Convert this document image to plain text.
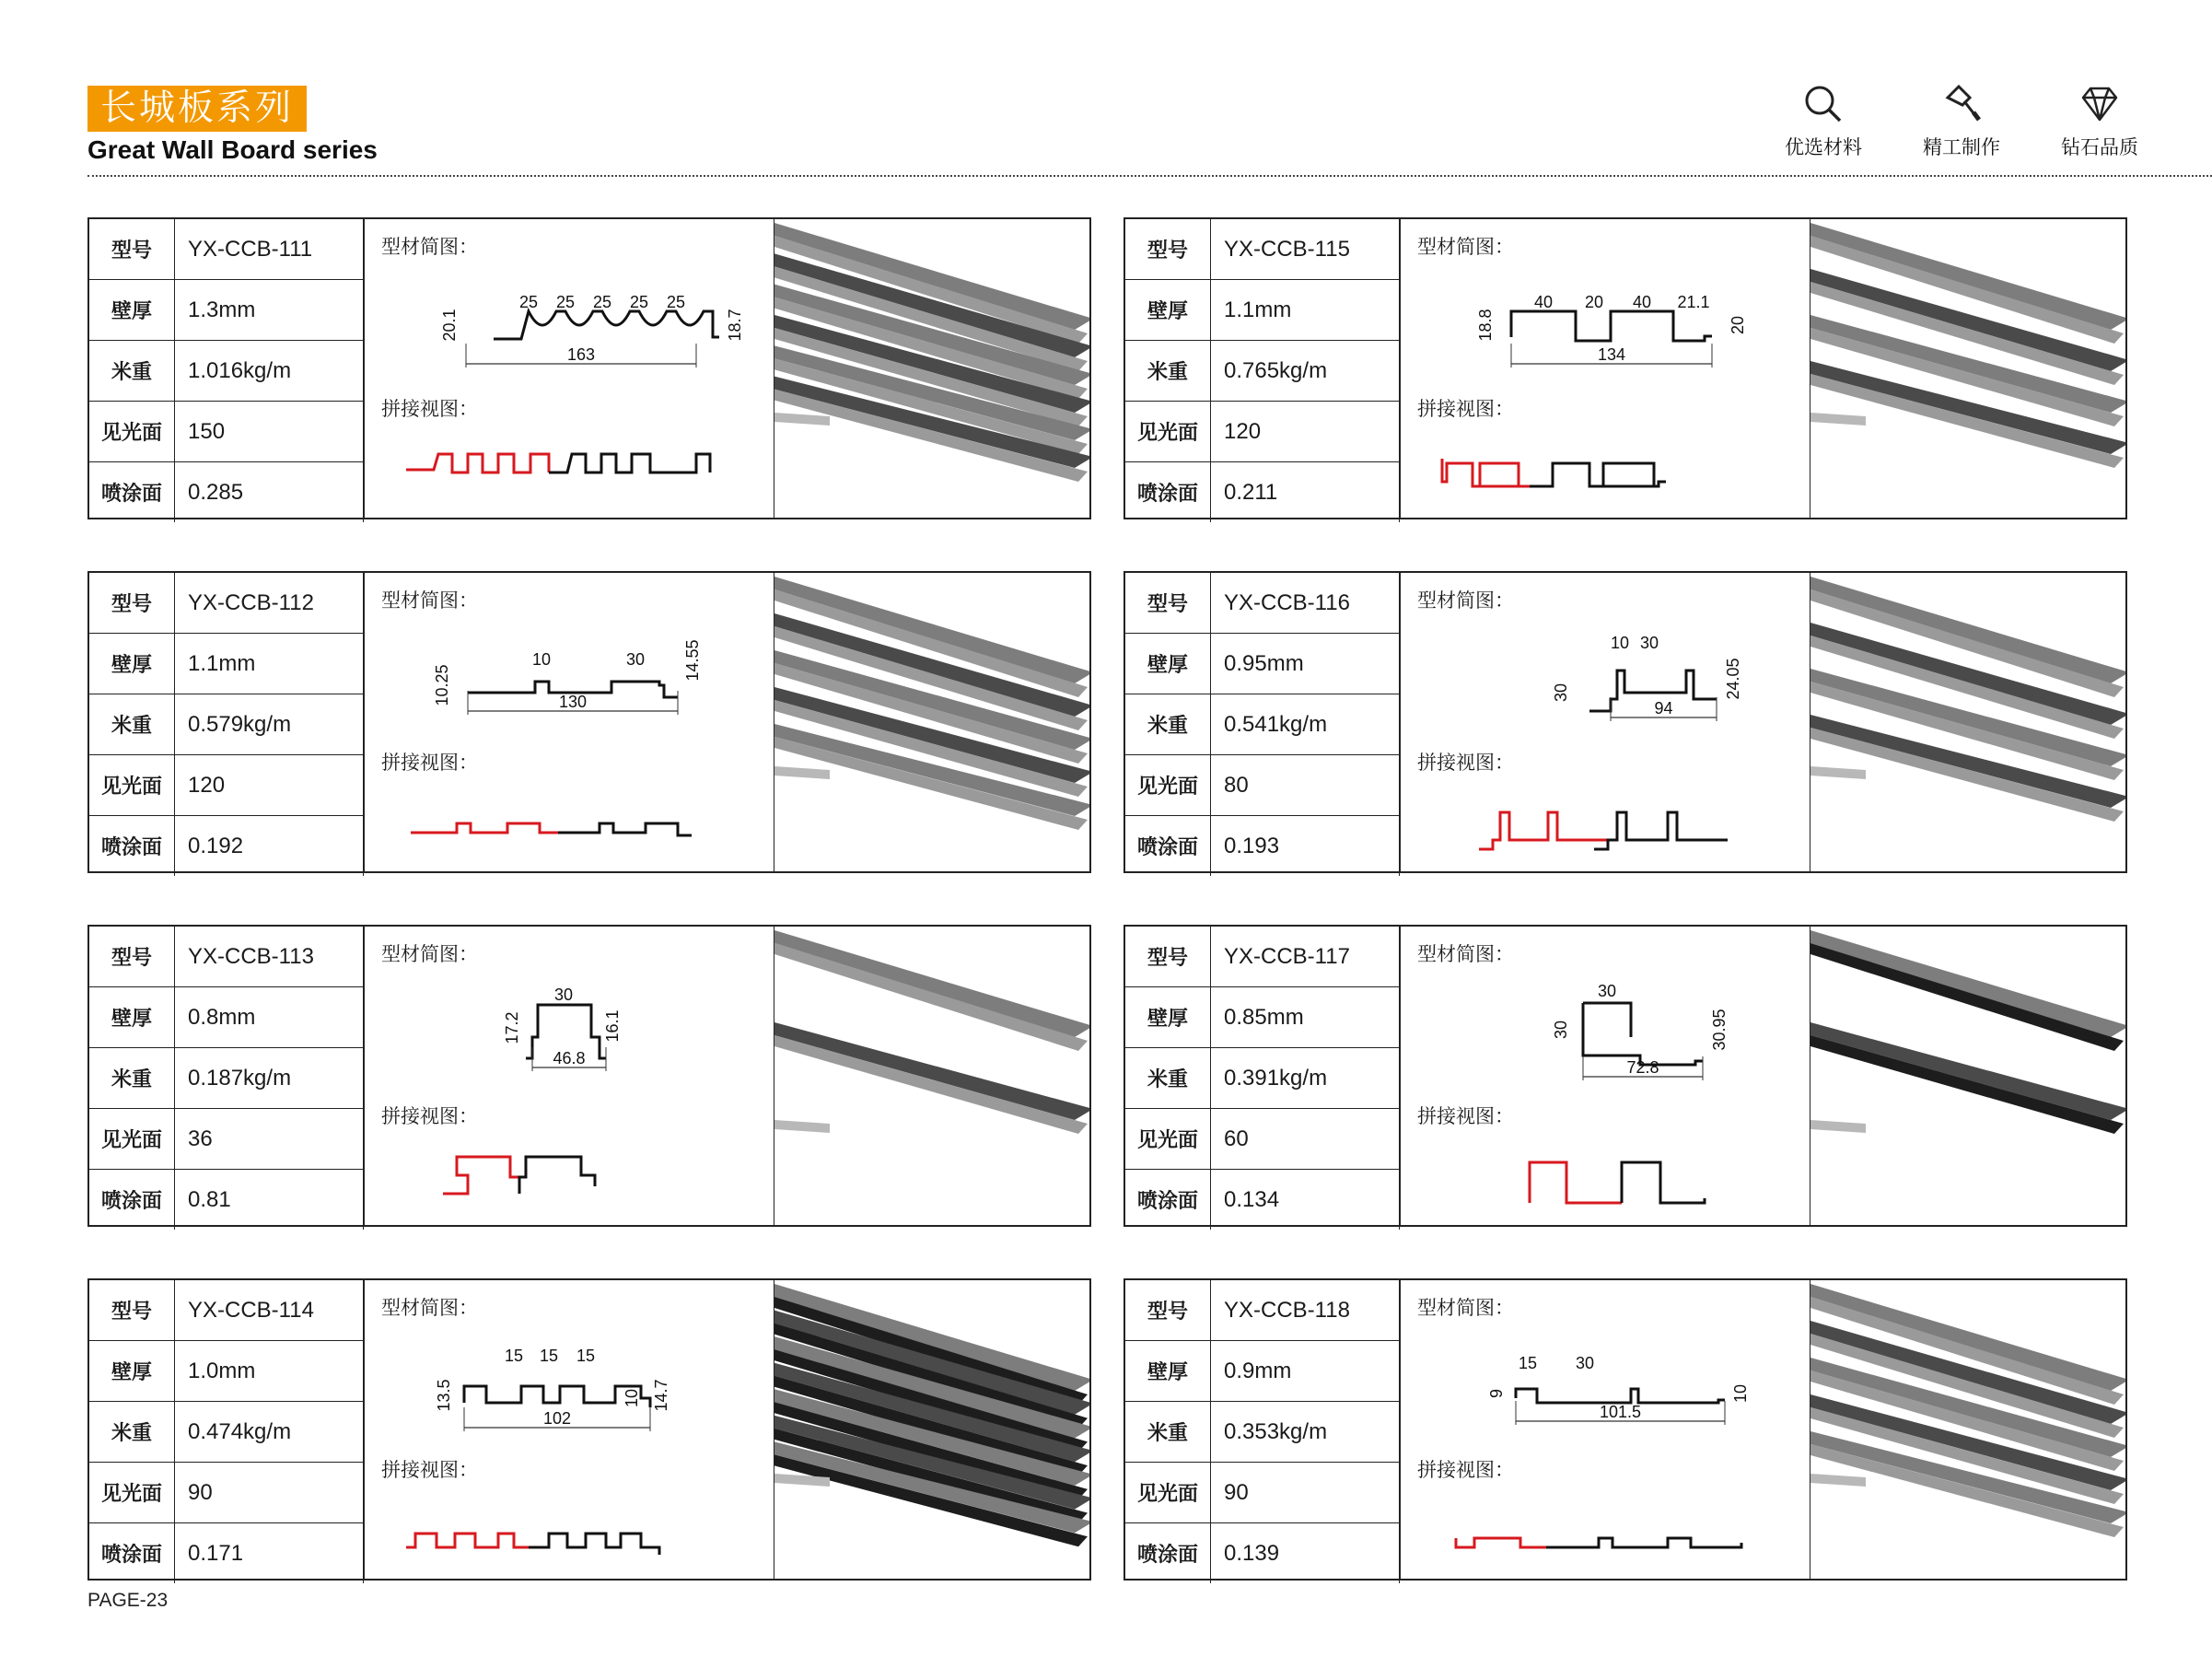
长城板系列
Great Wall Board series	优选材料	精工制作	钻石品质
型号	YX-CCB-111
壁厚	1.3mm
米重	1.016kg/m
见光面	150
喷涂面	0.285
型材简图：
拼接视图：
25 25 25 25 25
163
20.1	18.7
型号	YX-CCB-115
壁厚	1.1mm
米重	0.765kg/m
见光面	120
喷涂面	0.211
型材简图：
拼接视图：
40 20 40 21.1
134
18.8	20
型号	YX-CCB-112
壁厚	1.1mm
米重	0.579kg/m
见光面	120
喷涂面	0.192
型材简图：
拼接视图：
10	30
130
10.25
14.55
型号	YX-CCB-116
壁厚	0.95mm
米重	0.541kg/m
见光面	80
喷涂面	0.193
型材简图：
拼接视图：
10 30
94
30	24.05
型号	YX-CCB-113
壁厚	0.8mm
米重	0.187kg/m
见光面	36
喷涂面	0.81
型材简图：
拼接视图：
30
46.8
17.2	16.1
型号	YX-CCB-117
壁厚	0.85mm
米重	0.391kg/m
见光面	60
喷涂面	0.134
型材简图：
拼接视图：
30
72.8
30	30.95
型号	YX-CCB-114
壁厚	1.0mm
米重	0.474kg/m
见光面	90
喷涂面	0.171
型材简图：
拼接视图：
15 15 15
102
13.5	14.7
10
型号	YX-CCB-118
壁厚	0.9mm
米重	0.353kg/m
见光面	90
喷涂面	0.139
型材简图：
拼接视图：
15 30
101.5
9	10
PAGE-23
